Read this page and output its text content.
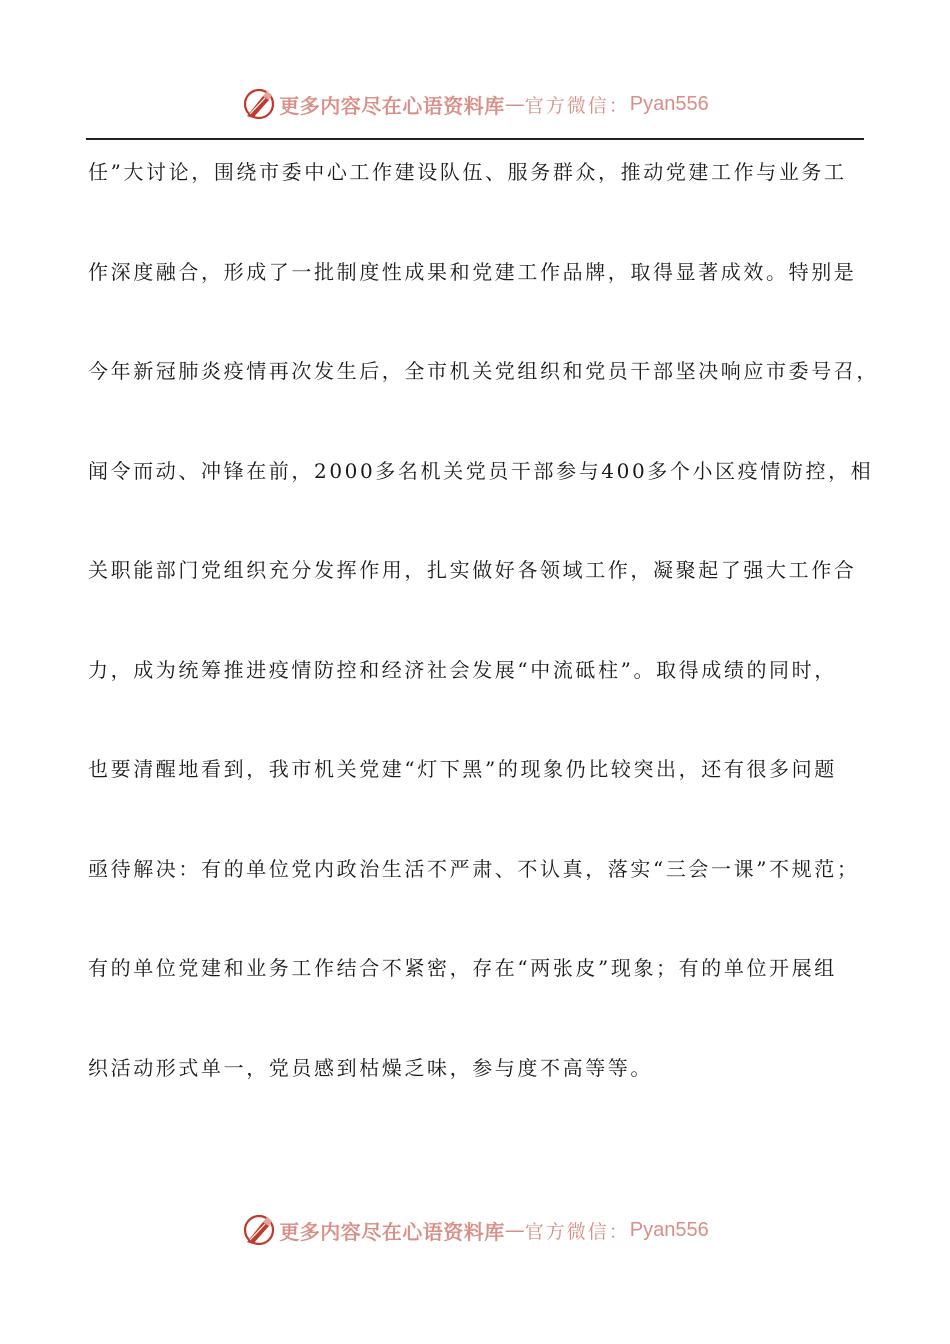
更多内容尽在心语资料库 — 官方微信： Pyan556
任”大讨论，围绕市委中心工作建设队伍、服务群众，推动党建工作与业务工
作深度融合，形成了一批制度性成果和党建工作品牌，取得显著成效。特别是
今年新冠肺炎疫情再次发生后，全市机关党组织和党员干部坚决响应市委号召，
闻令而动、冲锋在前，2000多名机关党员干部参与400多个小区疫情防控，相
关职能部门党组织充分发挥作用，扎实做好各领域工作，凝聚起了强大工作合
力，成为统筹推进疫情防控和经济社会发展“中流砥柱”。取得成绩的同时，
也要清醒地看到，我市机关党建“灯下黑”的现象仍比较突出，还有很多问题
亟待解决：有的单位党内政治生活不严肃、不认真，落实“三会一课”不规范；
有的单位党建和业务工作结合不紧密，存在“两张皮”现象；有的单位开展组
织活动形式单一，党员感到枯燥乏味，参与度不高等等。
更多内容尽在心语资料库 — 官方微信： Pyan556
